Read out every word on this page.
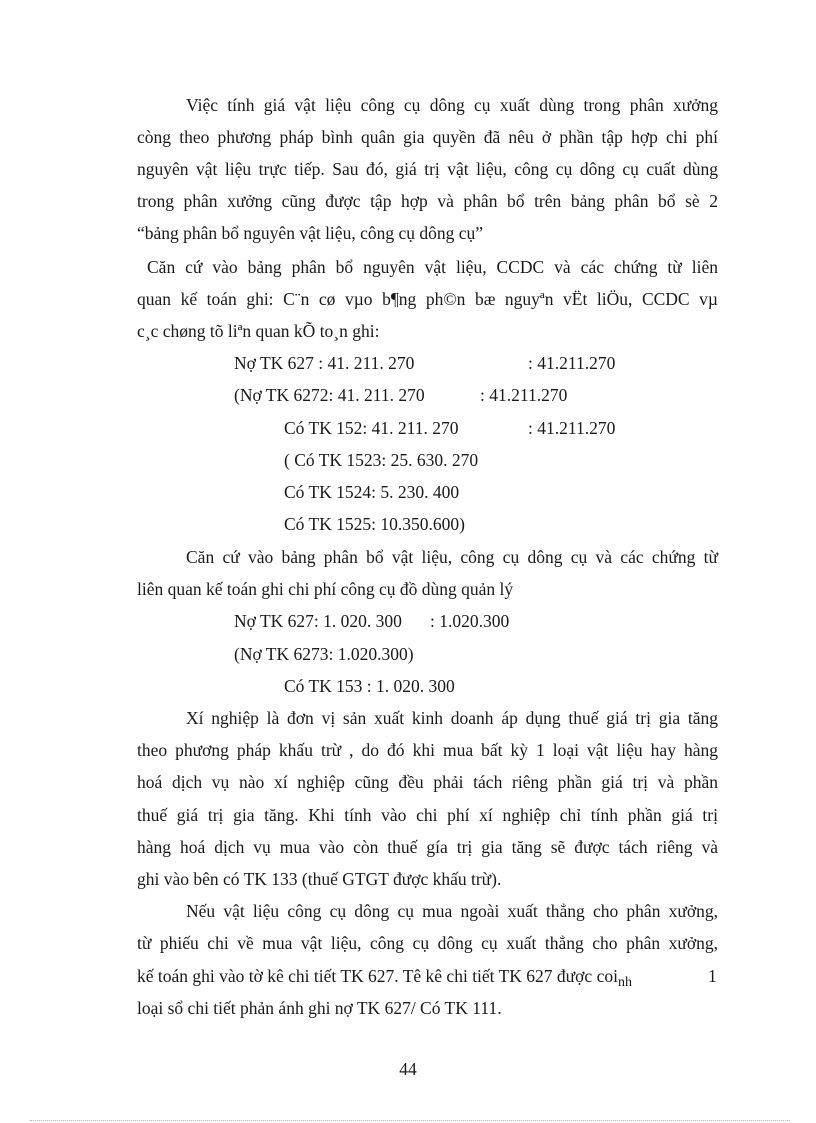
Việc tính giá vật liệu công cụ dông cụ xuất dùng trong phân xưởng
còng theo phương pháp bình quân gia quyền đã nêu ở phần tập hợp chi phí
nguyên vật liệu trực tiếp. Sau đó, giá trị vật liệu, công cụ dông cụ cuất dùng
trong phân xưởng cũng được tập hợp và phân bổ trên bảng phân bổ sè 2
“bảng phân bổ nguyên vật liệu, công cụ dông cụ”
Căn cứ vào bảng phân bổ nguyên vật liệu, CCDC và các chứng từ liên
quan kế toán ghi: C¨n cø vµo b¶ng ph©n bæ nguyªn vËt liÖu, CCDC vµ
c¸c chøng tõ liªn quan kÕ to¸n ghi:
Nợ TK 627 : 41. 211. 270	: 41.211.270
(Nợ TK 6272: 41. 211. 270	: 41.211.270
Có TK 152: 41. 211. 270	: 41.211.270
( Có TK 1523: 25. 630. 270
Có TK 1524: 5. 230. 400
Có TK 1525: 10.350.600)
Căn cứ vào bảng phân bổ vật liệu, công cụ dông cụ và các chứng từ
liên quan kế toán ghi chi phí công cụ đồ dùng quản lý
Nợ TK 627: 1. 020. 300 : 1.020.300
(Nợ TK 6273: 1.020.300)
Có TK 153 : 1. 020. 300
Xí nghiệp là đơn vị sản xuất kinh doanh áp dụng thuế giá trị gia tăng
theo phương pháp khấu trừ , do đó khi mua bất kỳ 1 loại vật liệu hay hàng
hoá dịch vụ nào xí nghiệp cũng đều phải tách riêng phần giá trị và phần
thuế giá trị gia tăng. Khi tính vào chi phí xí nghiệp chỉ tính phần giá trị
hàng hoá dịch vụ mua vào còn thuế gía trị gia tăng sẽ được tách riêng và
ghi vào bên có TK 133 (thuế GTGT được khấu trừ).
Nếu vật liệu công cụ dông cụ mua ngoài xuất thẳng cho phân xưởng,
từ phiếu chi về mua vật liệu, công cụ dông cụ xuất thẳng cho phân xưởng,
kế toán ghi vào tờ kê chi tiết TK 627. Tê kê chi tiết TK 627 được coi$_{nh}$	1
loại sổ chi tiết phản ánh ghi nợ TK 627/ Có TK 111.
44
